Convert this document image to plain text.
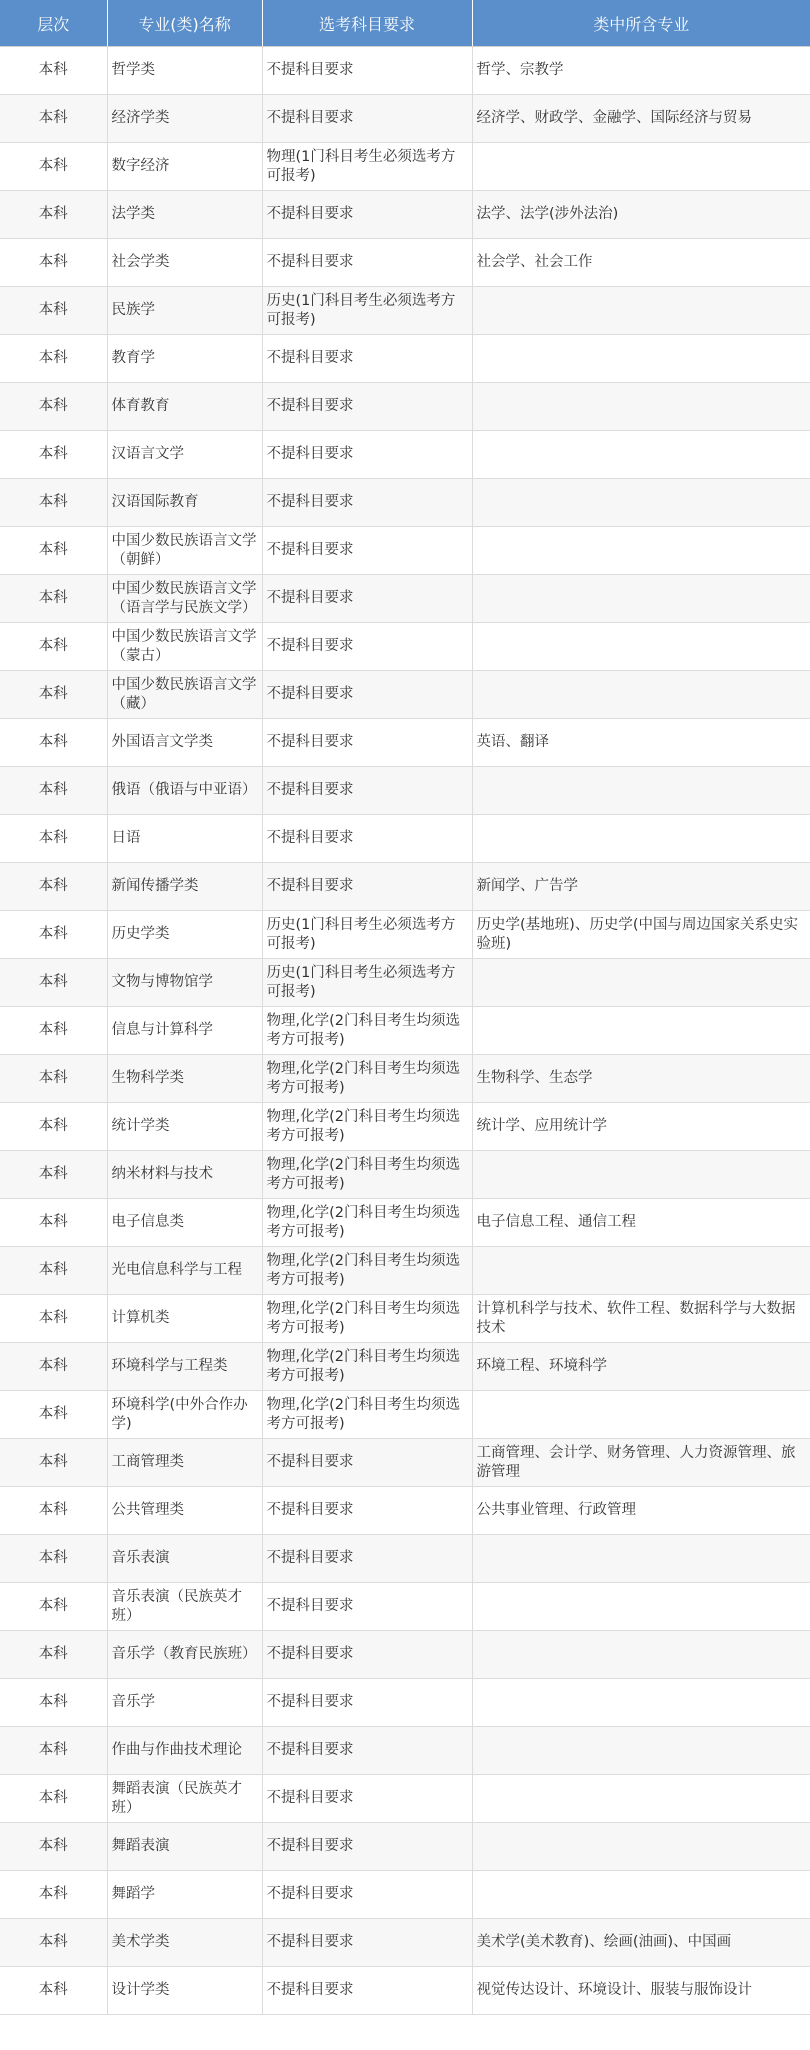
层次	专业(类)名称	选考科目要求	类中所含专业
本科	哲学类	不提科目要求	哲学、宗教学
本科	经济学类	不提科目要求	经济学、财政学、金融学、国际经济与贸易
本科	数字经济	物理(1门科目考生必须选考方可报考)	
本科	法学类	不提科目要求	法学、法学(涉外法治)
本科	社会学类	不提科目要求	社会学、社会工作
本科	民族学	历史(1门科目考生必须选考方可报考)	
本科	教育学	不提科目要求	
本科	体育教育	不提科目要求	
本科	汉语言文学	不提科目要求	
本科	汉语国际教育	不提科目要求	
本科	中国少数民族语言文学（朝鲜）	不提科目要求	
本科	中国少数民族语言文学（语言学与民族文学）	不提科目要求	
本科	中国少数民族语言文学（蒙古）	不提科目要求	
本科	中国少数民族语言文学（藏）	不提科目要求	
本科	外国语言文学类	不提科目要求	英语、翻译
本科	俄语（俄语与中亚语）	不提科目要求	
本科	日语	不提科目要求	
本科	新闻传播学类	不提科目要求	新闻学、广告学
本科	历史学类	历史(1门科目考生必须选考方可报考)	历史学(基地班)、历史学(中国与周边国家关系史实验班)
本科	文物与博物馆学	历史(1门科目考生必须选考方可报考)	
本科	信息与计算科学	物理,化学(2门科目考生均须选考方可报考)	
本科	生物科学类	物理,化学(2门科目考生均须选考方可报考)	生物科学、生态学
本科	统计学类	物理,化学(2门科目考生均须选考方可报考)	统计学、应用统计学
本科	纳米材料与技术	物理,化学(2门科目考生均须选考方可报考)	
本科	电子信息类	物理,化学(2门科目考生均须选考方可报考)	电子信息工程、通信工程
本科	光电信息科学与工程	物理,化学(2门科目考生均须选考方可报考)	
本科	计算机类	物理,化学(2门科目考生均须选考方可报考)	计算机科学与技术、软件工程、数据科学与大数据技术
本科	环境科学与工程类	物理,化学(2门科目考生均须选考方可报考)	环境工程、环境科学
本科	环境科学(中外合作办学)	物理,化学(2门科目考生均须选考方可报考)	
本科	工商管理类	不提科目要求	工商管理、会计学、财务管理、人力资源管理、旅游管理
本科	公共管理类	不提科目要求	公共事业管理、行政管理
本科	音乐表演	不提科目要求	
本科	音乐表演（民族英才班）	不提科目要求	
本科	音乐学（教育民族班）	不提科目要求	
本科	音乐学	不提科目要求	
本科	作曲与作曲技术理论	不提科目要求	
本科	舞蹈表演（民族英才班）	不提科目要求	
本科	舞蹈表演	不提科目要求	
本科	舞蹈学	不提科目要求	
本科	美术学类	不提科目要求	美术学(美术教育)、绘画(油画)、中国画
本科	设计学类	不提科目要求	视觉传达设计、环境设计、服装与服饰设计
